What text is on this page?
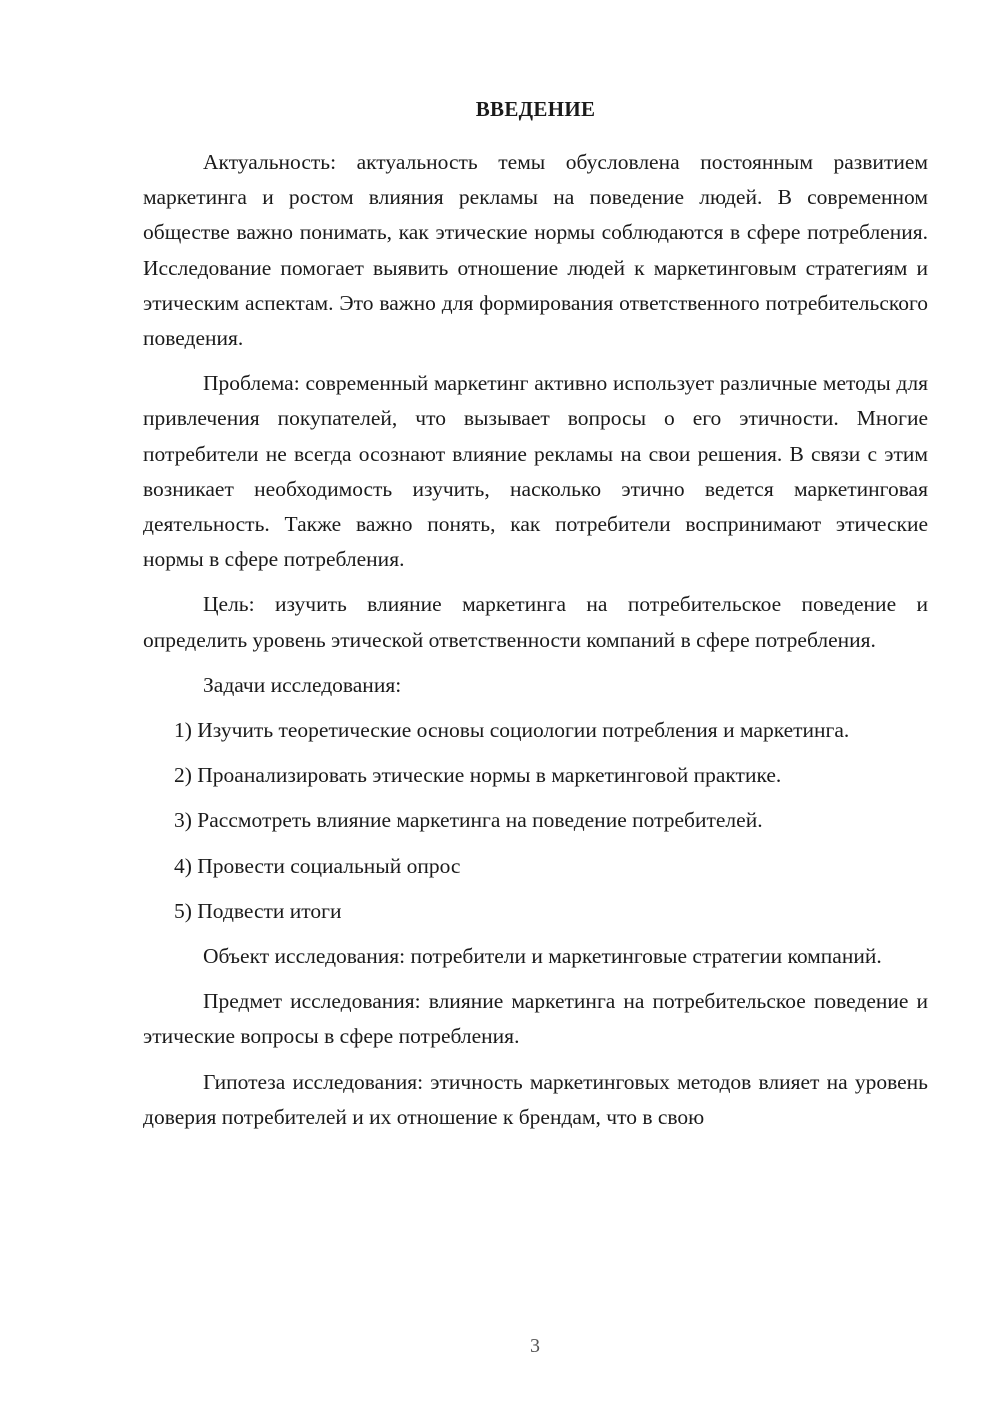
ВВЕДЕНИЕ

Актуальность: актуальность темы обусловлена постоянным развитием маркетинга и ростом влияния рекламы на поведение людей. В современном обществе важно понимать, как этические нормы соблюдаются в сфере потребления. Исследование помогает выявить отношение людей к маркетинговым стратегиям и этическим аспектам. Это важно для формирования ответственного потребительского поведения.

Проблема: современный маркетинг активно использует различные методы для привлечения покупателей, что вызывает вопросы о его этичности. Многие потребители не всегда осознают влияние рекламы на свои решения. В связи с этим возникает необходимость изучить, насколько этично ведется маркетинговая деятельность. Также важно понять, как потребители воспринимают этические нормы в сфере потребления.

Цель: изучить влияние маркетинга на потребительское поведение и определить уровень этической ответственности компаний в сфере потребления.

Задачи исследования:

1) Изучить теоретические основы социологии потребления и маркетинга.

2) Проанализировать этические нормы в маркетинговой практике.

3) Рассмотреть влияние маркетинга на поведение потребителей.

4) Провести социальный опрос

5) Подвести итоги

Объект исследования: потребители и маркетинговые стратегии компаний.

Предмет исследования: влияние маркетинга на потребительское поведение и этические вопросы в сфере потребления.

Гипотеза исследования: этичность маркетинговых методов влияет на уровень доверия потребителей и их отношение к брендам, что в свою

3
